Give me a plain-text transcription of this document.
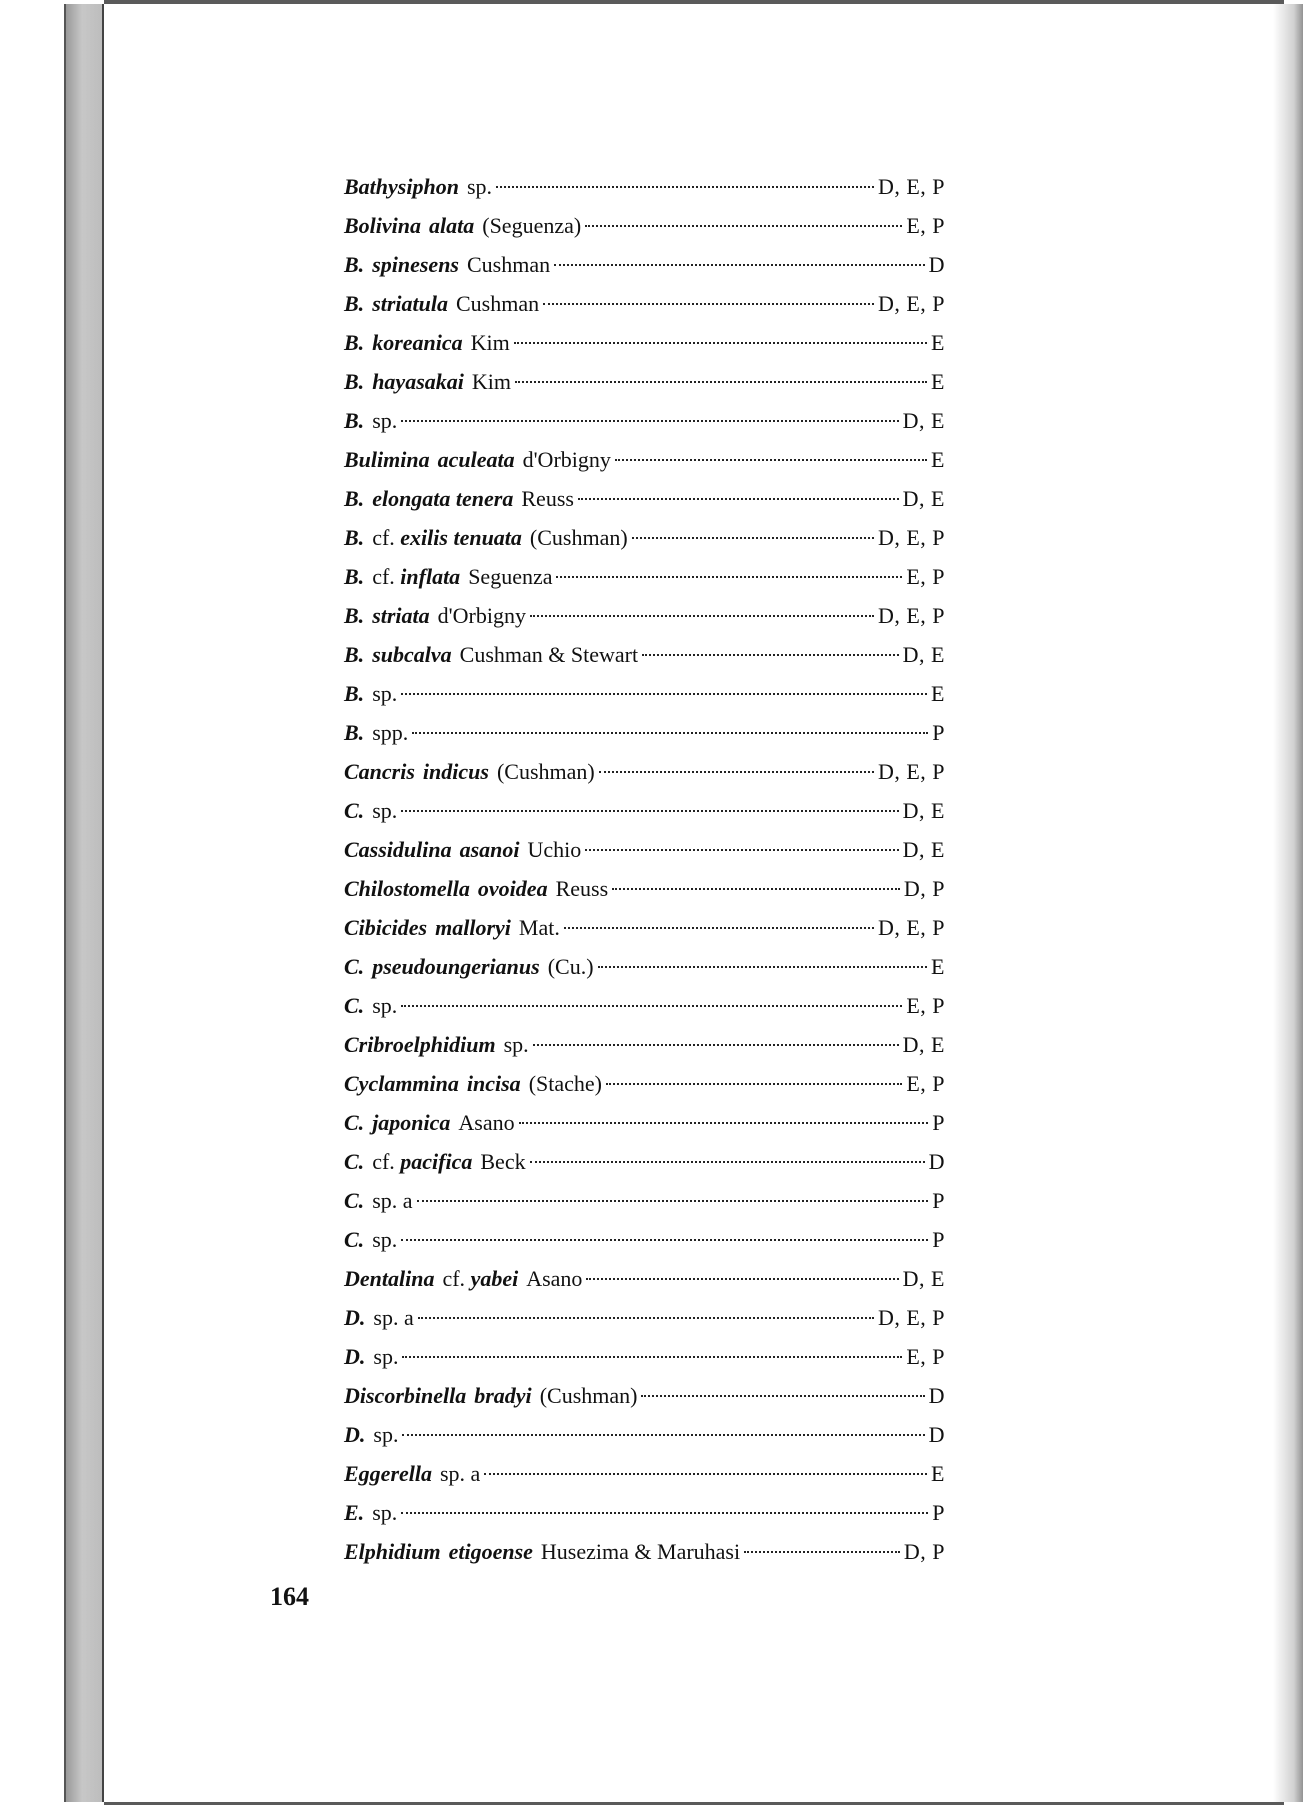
Bathysiphon sp.	D, E, P
Bolivina alata (Seguenza)	E, P
B. spinesens Cushman	D
B. striatula Cushman	D, E, P
B. koreanica Kim	E
B. hayasakai Kim	E
B. sp.	D, E
Bulimina aculeata d'Orbigny	E
B. elongata tenera Reuss	D, E
B. cf. exilis tenuata (Cushman)	D, E, P
B. cf. inflata Seguenza	E, P
B. striata d'Orbigny	D, E, P
B. subcalva Cushman & Stewart	D, E
B. sp.	E
B. spp.	P
Cancris indicus (Cushman)	D, E, P
C. sp.	D, E
Cassidulina asanoi Uchio	D, E
Chilostomella ovoidea Reuss	D, P
Cibicides malloryi Mat.	D, E, P
C. pseudoungerianus (Cu.)	E
C. sp.	E, P
Cribroelphidium sp.	D, E
Cyclammina incisa (Stache)	E, P
C. japonica Asano	P
C. cf. pacifica Beck	D
C. sp. a	P
C. sp.	P
Dentalina cf. yabei Asano	D, E
D. sp. a	D, E, P
D. sp.	E, P
Discorbinella bradyi (Cushman)	D
D. sp.	D
Eggerella sp. a	E
E. sp.	P
Elphidium etigoense Husezima & Maruhasi	D, P
164
